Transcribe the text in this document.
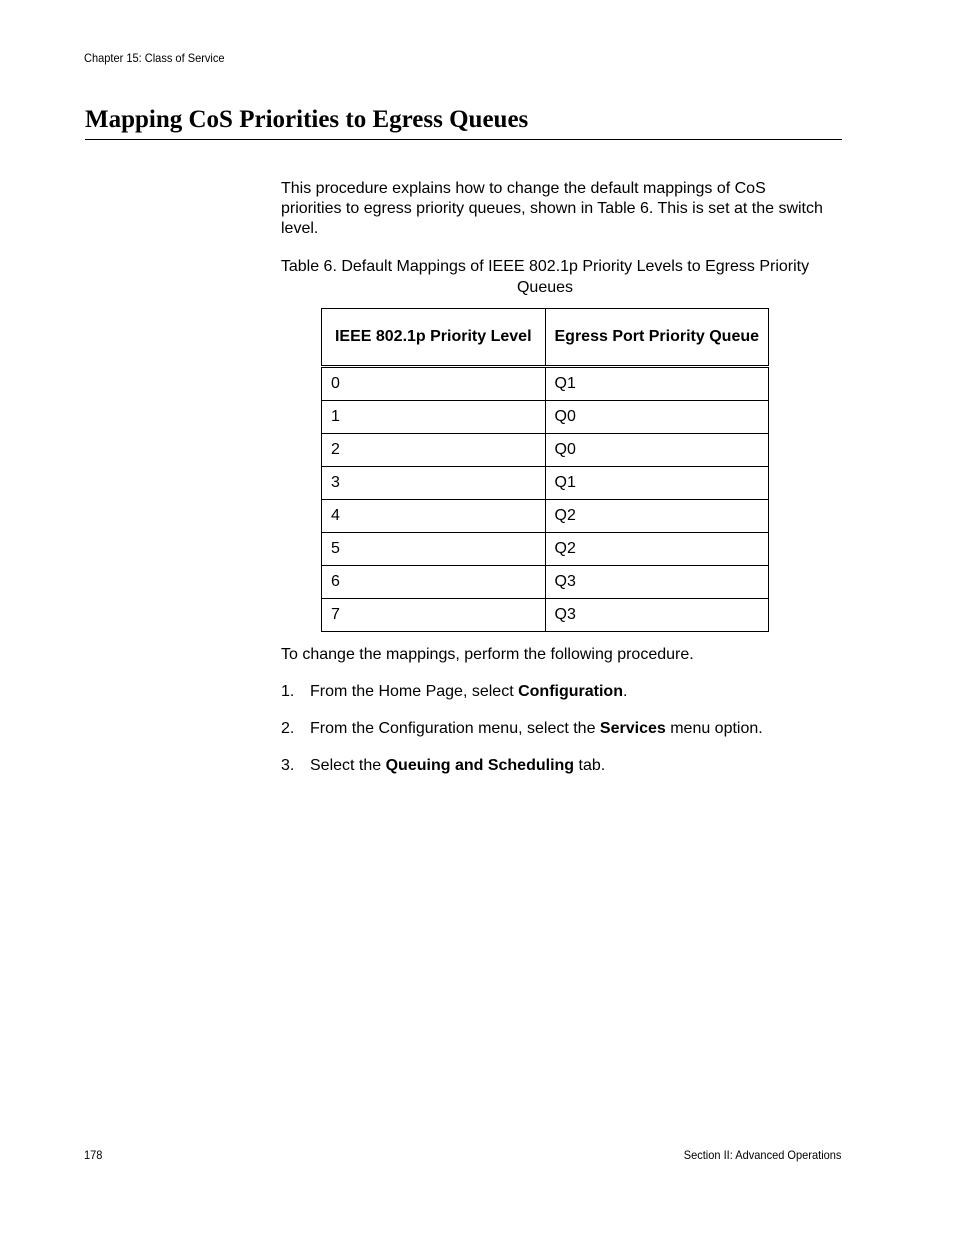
Chapter 15: Class of Service
Mapping CoS Priorities to Egress Queues

This procedure explains how to change the default mappings of CoS priorities to egress priority queues, shown in Table 6. This is set at the switch level.

Table 6. Default Mappings of IEEE 802.1p Priority Levels to Egress Priority Queues

IEEE 802.1p Priority Level	Egress Port Priority Queue
0	Q1
1	Q0
2	Q0
3	Q1
4	Q2
5	Q2
6	Q3
7	Q3

To change the mappings, perform the following procedure.

1. From the Home Page, select Configuration.
2. From the Configuration menu, select the Services menu option.
3. Select the Queuing and Scheduling tab.
178	Section II: Advanced Operations
